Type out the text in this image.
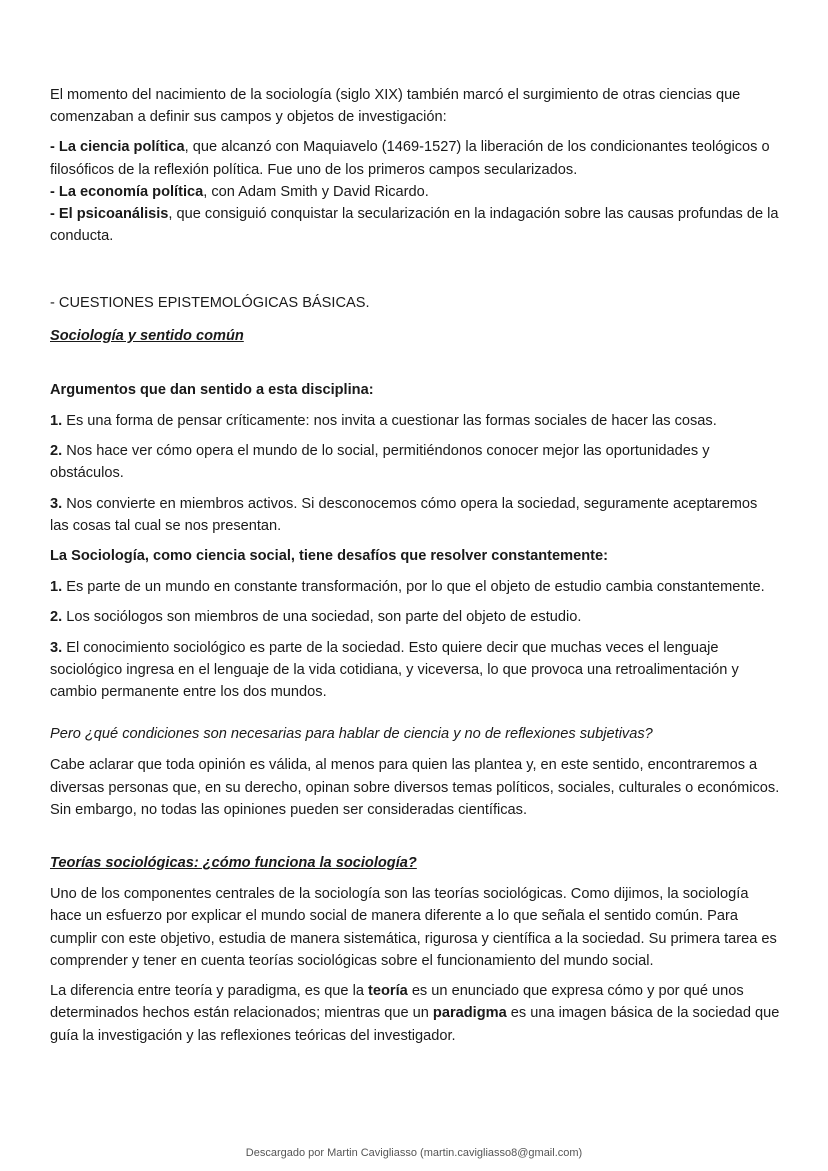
El momento del nacimiento de la sociología (siglo XIX) también marcó el surgimiento de otras ciencias que comenzaban a definir sus campos y objetos de investigación:

- La ciencia política, que alcanzó con Maquiavelo (1469-1527) la liberación de los condicionantes teológicos o filosóficos de la reflexión política. Fue uno de los primeros campos secularizados.

- La economía política, con Adam Smith y David Ricardo.

- El psicoanálisis, que consiguió conquistar la secularización en la indagación sobre las causas profundas de la conducta.

- CUESTIONES EPISTEMOLÓGICAS BÁSICAS.

Sociología y sentido común

Argumentos que dan sentido a esta disciplina:

1. Es una forma de pensar críticamente: nos invita a cuestionar las formas sociales de hacer las cosas.

2. Nos hace ver cómo opera el mundo de lo social, permitiéndonos conocer mejor las oportunidades y obstáculos.

3. Nos convierte en miembros activos. Si desconocemos cómo opera la sociedad, seguramente aceptaremos las cosas tal cual se nos presentan.

La Sociología, como ciencia social, tiene desafíos que resolver constantemente:

1. Es parte de un mundo en constante transformación, por lo que el objeto de estudio cambia constantemente.

2. Los sociólogos son miembros de una sociedad, son parte del objeto de estudio.

3. El conocimiento sociológico es parte de la sociedad. Esto quiere decir que muchas veces el lenguaje sociológico ingresa en el lenguaje de la vida cotidiana, y viceversa, lo que provoca una retroalimentación y cambio permanente entre los dos mundos.

Pero ¿qué condiciones son necesarias para hablar de ciencia y no de reflexiones subjetivas?

Cabe aclarar que toda opinión es válida, al menos para quien las plantea y, en este sentido, encontraremos a diversas personas que, en su derecho, opinan sobre diversos temas políticos, sociales, culturales o económicos. Sin embargo, no todas las opiniones pueden ser consideradas científicas.

Teorías sociológicas: ¿cómo funciona la sociología?

Uno de los componentes centrales de la sociología son las teorías sociológicas. Como dijimos, la sociología hace un esfuerzo por explicar el mundo social de manera diferente a lo que señala el sentido común. Para cumplir con este objetivo, estudia de manera sistemática, rigurosa y científica a la sociedad. Su primera tarea es comprender y tener en cuenta teorías sociológicas sobre el funcionamiento del mundo social.

La diferencia entre teoría y paradigma, es que la teoría es un enunciado que expresa cómo y por qué unos determinados hechos están relacionados; mientras que un paradigma es una imagen básica de la sociedad que guía la investigación y las reflexiones teóricas del investigador.

Descargado por Martin Cavigliasso (martin.cavigliasso8@gmail.com)
